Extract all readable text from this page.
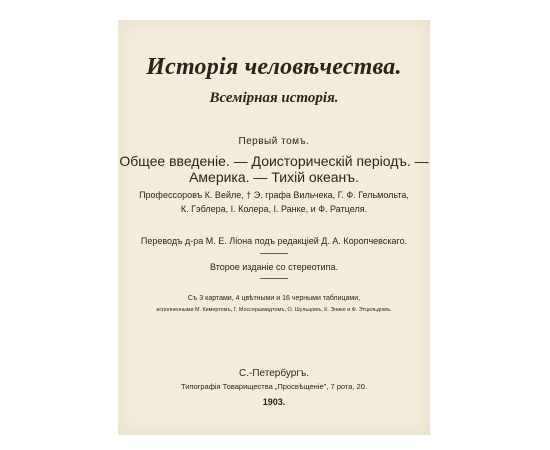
Исторія человѣчества.
Всемірная исторія.
Первый томъ.
Общее введеніе. — Доисторическій періодъ. —
Америка. — Тихій океанъ.
Профессоровъ К. Вейле, † Э. графа Вильчека, Г. Ф. Гельмольта,
К. Гэблера, І. Колера, І. Ранке, и Ф. Ратцеля.
Переводъ д-ра М. Е. Ліона подъ редакціей Д. А. Коропчевскаго.
Второе изданіе со стереотипа.
Съ 3 картами, 4 цвѣтными и 16 черными таблицами,
исполненными М. Кимертомъ, Г. Моссершмидтомъ, О. Шульцомъ, К. Энике и Ф. Этцельдомъ.
С.-Петербургъ.
Типографія Товарищества „Просвѣщеніе", 7 рота, 20.
1903.
